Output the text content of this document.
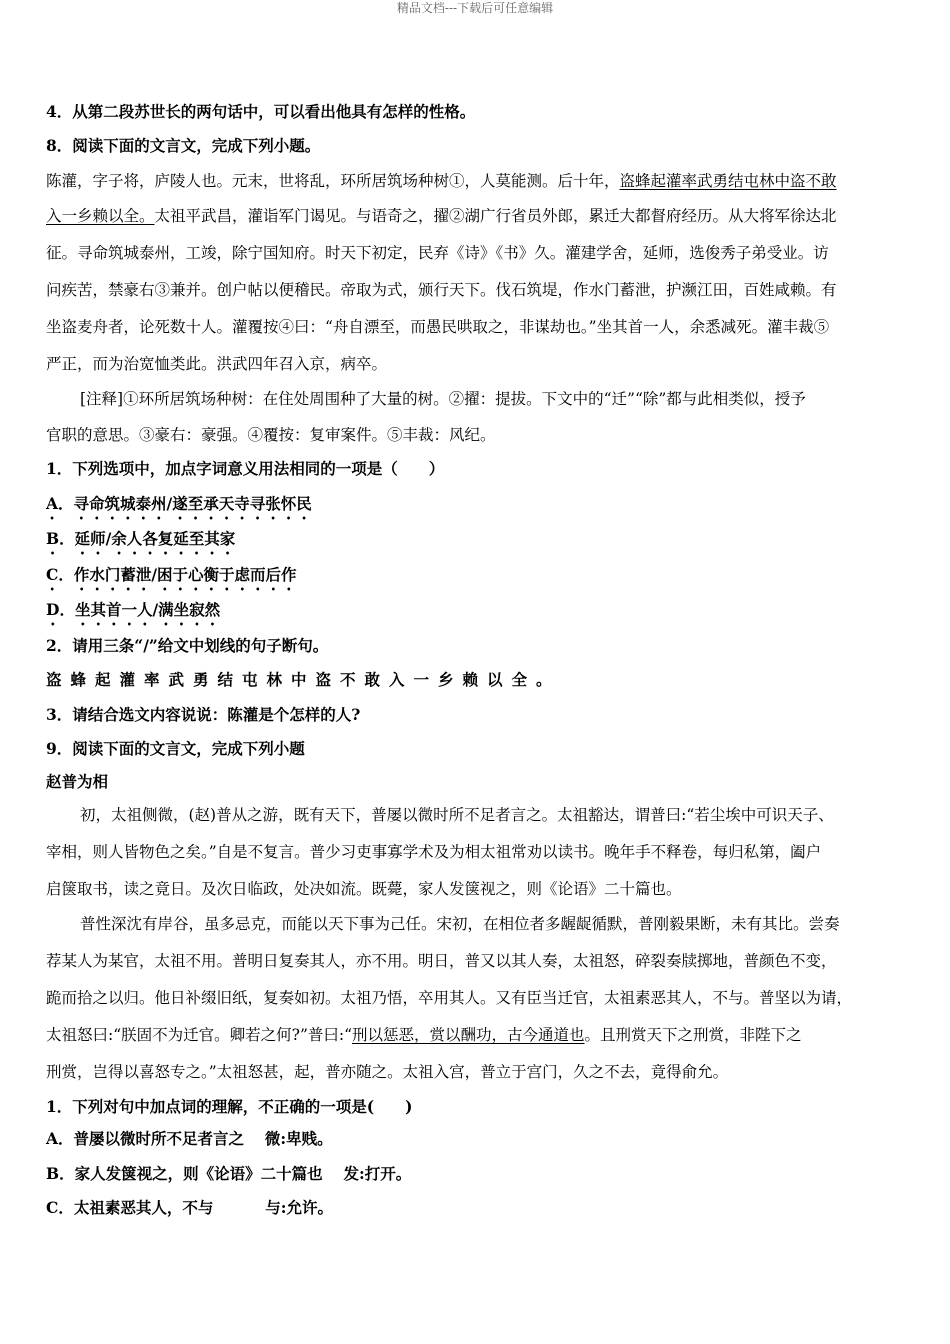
精品文档---下载后可任意编辑
4．从第二段苏世长的两句话中，可以看出他具有怎样的性格。
8．阅读下面的文言文，完成下列小题。
陈灌，字子将，庐陵人也。元末，世将乱，环所居筑场种树①，人莫能测。后十年，盗蜂起灌率武勇结屯林中盗不敢
入一乡赖以全。太祖平武昌，灌诣军门谒见。与语奇之，擢②湖广行省员外郎，累迁大都督府经历。从大将军徐达北
征。寻命筑城泰州，工竣，除宁国知府。时天下初定，民弃《诗》《书》久。灌建学舍，延师，选俊秀子弟受业。访
问疾苦，禁豪右③兼并。创户帖以便稽民。帝取为式，颁行天下。伐石筑堤，作水门蓄泄，护濒江田，百姓咸赖。有
坐盗麦舟者，论死数十人。灌覆按④曰：“舟自漂至，而愚民哄取之，非谋劫也。”坐其首一人，余悉减死。灌丰裁⑤
严正，而为治宽恤类此。洪武四年召入京，病卒。
[注释]①环所居筑场种树：在住处周围种了大量的树。②擢：提拔。下文中的“迁”“除”都与此相类似，授予
官职的意思。③豪右：豪强。④覆按：复审案件。⑤丰裁：风纪。
1．下列选项中，加点字词意义用法相同的一项是（　　）
A．寻命筑城泰州/遂至承天寺寻张怀民
B．延师/余人各复延至其家
C．作水门蓄泄/困于心衡于虑而后作
D．坐其首一人/满坐寂然
2．请用三条“/”给文中划线的句子断句。
盗蜂起灌率武勇结屯林中盗不敢入一乡赖以全。
3．请结合选文内容说说：陈灌是个怎样的人?
9．阅读下面的文言文，完成下列小题
赵普为相
初，太祖侧微，(赵)普从之游，既有天下，普屡以微时所不足者言之。太祖豁达，谓普曰:“若尘埃中可识天子、
宰相，则人皆物色之矣。”自是不复言。普少习吏事寡学术及为相太祖常劝以读书。晚年手不释卷，每归私第，阖户
启箧取书，读之竟日。及次日临政，处决如流。既薨，家人发箧视之，则《论语》二十篇也。
普性深沈有岸谷，虽多忌克，而能以天下事为己任。宋初，在相位者多龌龊循默，普刚毅果断，未有其比。尝奏
荐某人为某官，太祖不用。普明日复奏其人，亦不用。明日，普又以其人奏，太祖怒，碎裂奏牍掷地，普颜色不变，
跪而拾之以归。他日补缀旧纸，复奏如初。太祖乃悟，卒用其人。又有臣当迁官，太祖素恶其人，不与。普坚以为请，
太祖怒曰:“朕固不为迁官。卿若之何?”普曰:“刑以惩恶，赏以酬功，古今通道也。且刑赏天下之刑赏，非陛下之
刑赏，岂得以喜怒专之。”太祖怒甚，起，普亦随之。太祖入宫，普立于宫门，久之不去，竟得俞允。
1．下列对句中加点词的理解，不正确的一项是(　　)
A．普屡以微时所不足者言之　 微:卑贱。
B．家人发箧视之，则《论语》二十篇也　 发:打开。
C．太祖素恶其人，不与　　　 与:允许。
